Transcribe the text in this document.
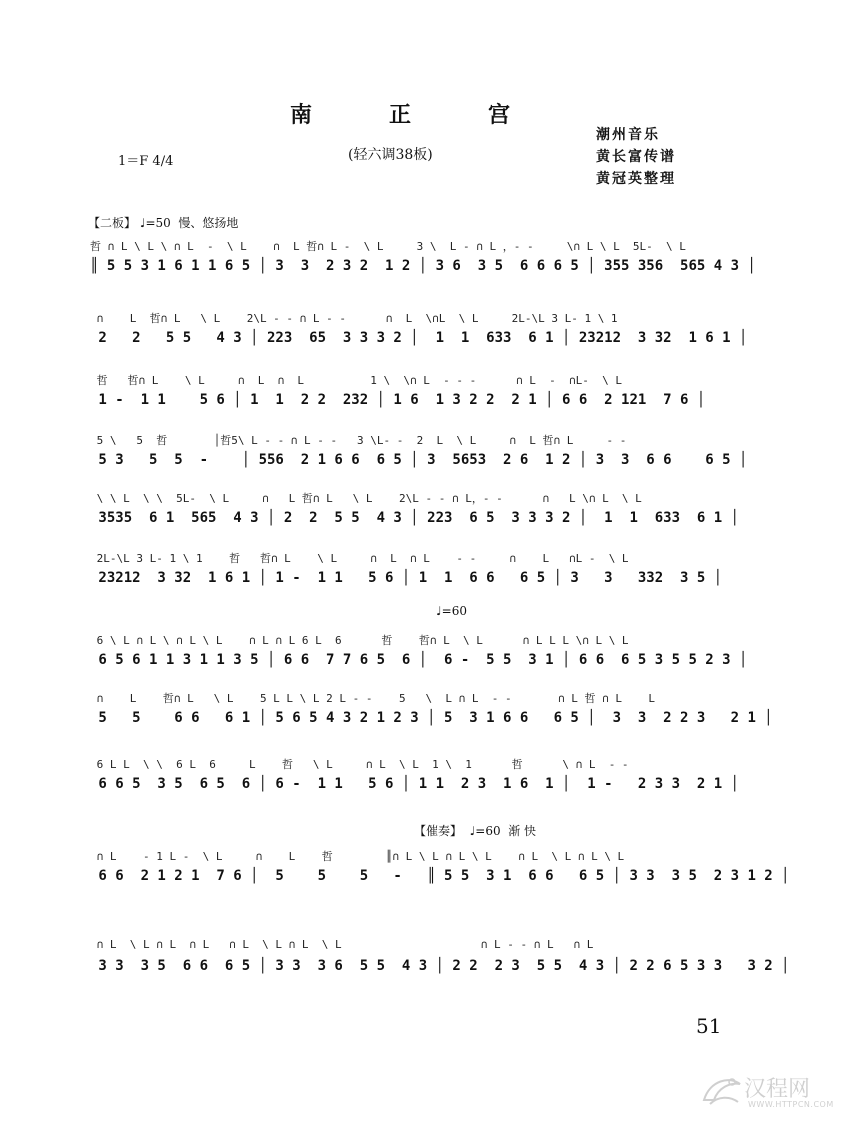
南	正	宫
(轻六调38板)
1＝F 4/4
潮州音乐
黄长富传谱
黄冠英整理
【二板】 ♩=50  慢、悠扬地
♩=60
【催奏】  ♩=60  渐 快
哲 ∩ L \ L \ ∩ L  -  \ L    ∩  L 哲∩ L -  \ L     3 \  L - ∩ L ，- -     \∩ L \ L  5L-  \ L
║ 5 5 3 1 6 1 1 6 5 │ 3  3  2 3 2  1 2 │ 3 6  3 5  6 6 6 5 │ 355 356  565 4 3 │
∩    L  哲∩ L   \ L    2\L - - ∩ L - -      ∩  L  \∩L  \ L     2L-\L 3 L- 1 \ 1
2   2   5 5   4 3 │ 223  65  3 3 3 2 │  1  1  633  6 1 │ 23212  3 32  1 6 1 │
哲   哲∩ L    \ L     ∩  L  ∩  L          1 \  \∩ L  - - -      ∩ L  -  ∩L-  \ L
1 -  1 1    5 6 │ 1  1  2 2  232 │ 1 6  1 3 2 2  2 1 │ 6 6  2 121  7 6 │
5 \   5  哲       │哲5\ L - - ∩ L - -   3 \L- -  2  L  \ L     ∩  L 哲∩ L     - -
5 3   5  5  -    │ 556  2 1 6 6  6 5 │ 3  5653  2 6  1 2 │ 3  3  6 6    6 5 │
\ \ L  \ \  5L-  \ L     ∩   L 哲∩ L   \ L    2\L - - ∩ L，- -      ∩   L \∩ L  \ L
3535  6 1  565  4 3 │ 2  2  5 5  4 3 │ 223  6 5  3 3 3 2 │  1  1  633  6 1 │
2L-\L 3 L- 1 \ 1    哲   哲∩ L    \ L     ∩  L  ∩ L    - -     ∩    L   ∩L -  \ L
23212  3 32  1 6 1 │ 1 -  1 1   5 6 │ 1  1  6 6   6 5 │ 3   3   332  3 5 │
6 \ L ∩ L \ ∩ L \ L    ∩ L ∩ L 6 L  6      哲    哲∩ L  \ L      ∩ L L L \∩ L \ L
6 5 6 1 1 3 1 1 3 5 │ 6 6  7 7 6 5  6 │  6 -  5 5  3 1 │ 6 6  6 5 3 5 5 2 3 │
∩    L    哲∩ L   \ L    5 L L \ L 2 L - -    5   \  L ∩ L  - -       ∩ L 哲 ∩ L    L
5   5    6 6   6 1 │ 5 6 5 4 3 2 1 2 3 │ 5  3 1 6 6   6 5 │  3  3  2 2 3   2 1 │
6 L L  \ \  6 L  6     L    哲   \ L     ∩ L  \ L  1 \  1      哲      \ ∩ L  - -
6 6 5  3 5  6 5  6 │ 6 -  1 1   5 6 │ 1 1  2 3  1 6  1 │  1 -   2 3 3  2 1 │
∩ L    - 1 L -  \ L     ∩    L    哲        ║∩ L \ L ∩ L \ L    ∩ L  \ L ∩ L \ L
6 6  2 1 2 1  7 6 │  5    5    5   -   ║ 5 5  3 1  6 6   6 5 │ 3 3  3 5  2 3 1 2 │
∩ L  \ L ∩ L  ∩ L   ∩ L  \ L ∩ L  \ L                     ∩ L - - ∩ L   ∩ L
3 3  3 5  6 6  6 5 │ 3 3  3 6  5 5  4 3 │ 2 2  2 3  5 5  4 3 │ 2 2 6 5 3 3   3 2 │
51
汉程网
WWW.HTTPCN.COM
